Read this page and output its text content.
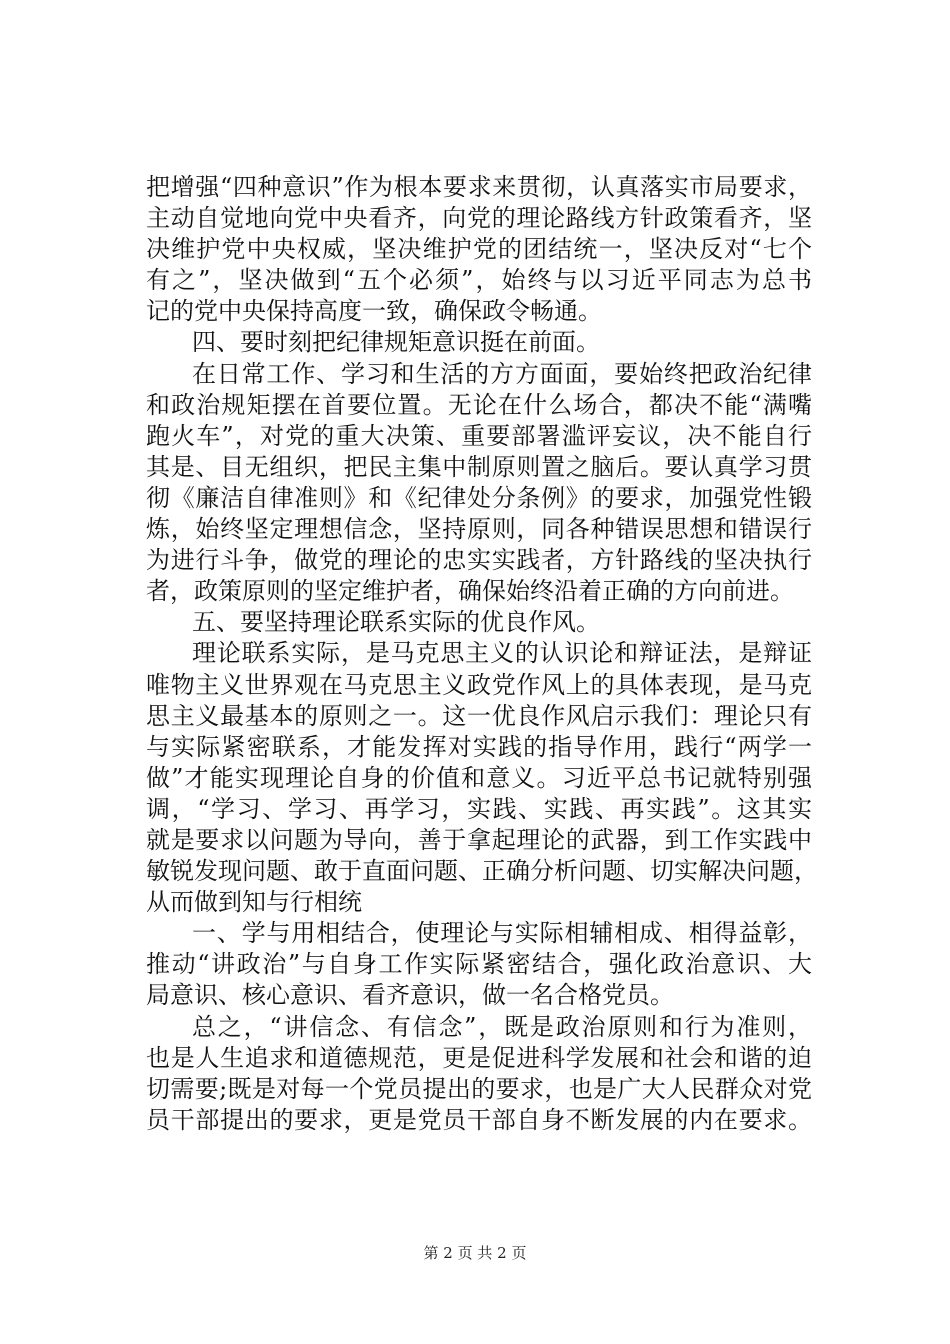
把增强“四种意识”作为根本要求来贯彻，认真落实市局要求，
主动自觉地向党中央看齐，向党的理论路线方针政策看齐，坚
决维护党中央权威，坚决维护党的团结统一，坚决反对“七个
有之”，坚决做到“五个必须”，始终与以习近平同志为总书
记的党中央保持高度一致，确保政令畅通。
四、要时刻把纪律规矩意识挺在前面。
在日常工作、学习和生活的方方面面，要始终把政治纪律
和政治规矩摆在首要位置。无论在什么场合，都决不能“满嘴
跑火车”，对党的重大决策、重要部署滥评妄议，决不能自行
其是、目无组织，把民主集中制原则置之脑后。要认真学习贯
彻《廉洁自律准则》和《纪律处分条例》的要求，加强党性锻
炼，始终坚定理想信念，坚持原则，同各种错误思想和错误行
为进行斗争，做党的理论的忠实实践者，方针路线的坚决执行
者，政策原则的坚定维护者，确保始终沿着正确的方向前进。
五、要坚持理论联系实际的优良作风。
理论联系实际，是马克思主义的认识论和辩证法，是辩证
唯物主义世界观在马克思主义政党作风上的具体表现，是马克
思主义最基本的原则之一。这一优良作风启示我们：理论只有
与实际紧密联系，才能发挥对实践的指导作用，践行“两学一
做”才能实现理论自身的价值和意义。习近平总书记就特别强
调，“学习、学习、再学习，实践、实践、再实践”。这其实
就是要求以问题为导向，善于拿起理论的武器，到工作实践中
敏锐发现问题、敢于直面问题、正确分析问题、切实解决问题，
从而做到知与行相统
一、学与用相结合，使理论与实际相辅相成、相得益彰，
推动“讲政治”与自身工作实际紧密结合，强化政治意识、大
局意识、核心意识、看齐意识，做一名合格党员。
总之，“讲信念、有信念”，既是政治原则和行为准则，
也是人生追求和道德规范，更是促进科学发展和社会和谐的迫
切需要;既是对每一个党员提出的要求，也是广大人民群众对党
员干部提出的要求，更是党员干部自身不断发展的内在要求。
第 2 页 共 2 页
